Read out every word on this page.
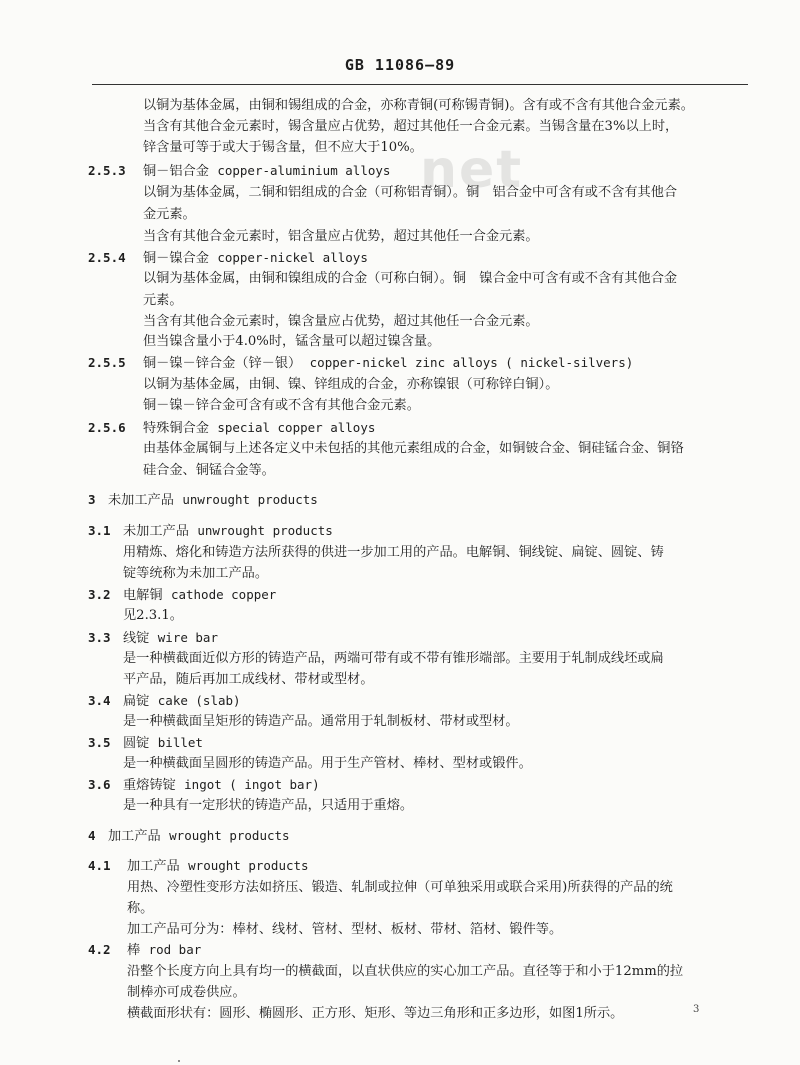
GB 11086—89
net
以铜为基体金属，由铜和锡组成的合金，亦称青铜(可称锡青铜)。含有或不含有其他合金元素。
当含有其他合金元素时，锡含量应占优势，超过其他任一合金元素。当锡含量在3%以上时，
锌含量可等于或大于锡含量，但不应大于10%。
2.5.3 铜－铝合金 copper-aluminium alloys
以铜为基体金属，二铜和铝组成的合金（可称铝青铜）。铜　铝合金中可含有或不含有其他合
金元素。
当含有其他合金元素时，铝含量应占优势，超过其他任一合金元素。
2.5.4 铜－镍合金 copper-nickel alloys
以铜为基体金属，由铜和镍组成的合金（可称白铜）。铜　镍合金中可含有或不含有其他合金
元素。
当含有其他合金元素时，镍含量应占优势，超过其他任一合金元素。
但当镍含量小于4.0%时，锰含量可以超过镍含量。
2.5.5 铜－镍－锌合金（锌－银） copper-nickel zinc alloys ( nickel-silvers)
以铜为基体金属，由铜、镍、锌组成的合金，亦称镍银（可称锌白铜）。
铜－镍－锌合金可含有或不含有其他合金元素。
2.5.6 特殊铜合金 special copper alloys
由基体金属铜与上述各定义中未包括的其他元素组成的合金，如铜铍合金、铜硅锰合金、铜铬
硅合金、铜锰合金等。
3 未加工产品 unwrought products
3.1 未加工产品 unwrought products
用精炼、熔化和铸造方法所获得的供进一步加工用的产品。电解铜、铜线锭、扁锭、圆锭、铸
锭等统称为未加工产品。
3.2 电解铜 cathode copper
见2.3.1。
3.3 线锭 wire bar
是一种横截面近似方形的铸造产品，两端可带有或不带有锥形端部。主要用于轧制成线坯或扁
平产品，随后再加工成线材、带材或型材。
3.4 扁锭 cake (slab)
是一种横截面呈矩形的铸造产品。通常用于轧制板材、带材或型材。
3.5 圆锭 billet
是一种横截面呈圆形的铸造产品。用于生产管材、棒材、型材或锻件。
3.6 重熔铸锭 ingot ( ingot bar)
是一种具有一定形状的铸造产品，只适用于重熔。
4 加工产品 wrought products
4.1 加工产品 wrought products
用热、冷塑性变形方法如挤压、锻造、轧制或拉伸（可单独采用或联合采用)所获得的产品的统
称。
加工产品可分为：棒材、线材、管材、型材、板材、带材、箔材、锻件等。
4.2 棒 rod bar
沿整个长度方向上具有均一的横截面，以直状供应的实心加工产品。直径等于和小于12mm的拉
制棒亦可成卷供应。
横截面形状有：圆形、椭圆形、正方形、矩形、等边三角形和正多边形，如图1所示。	3
